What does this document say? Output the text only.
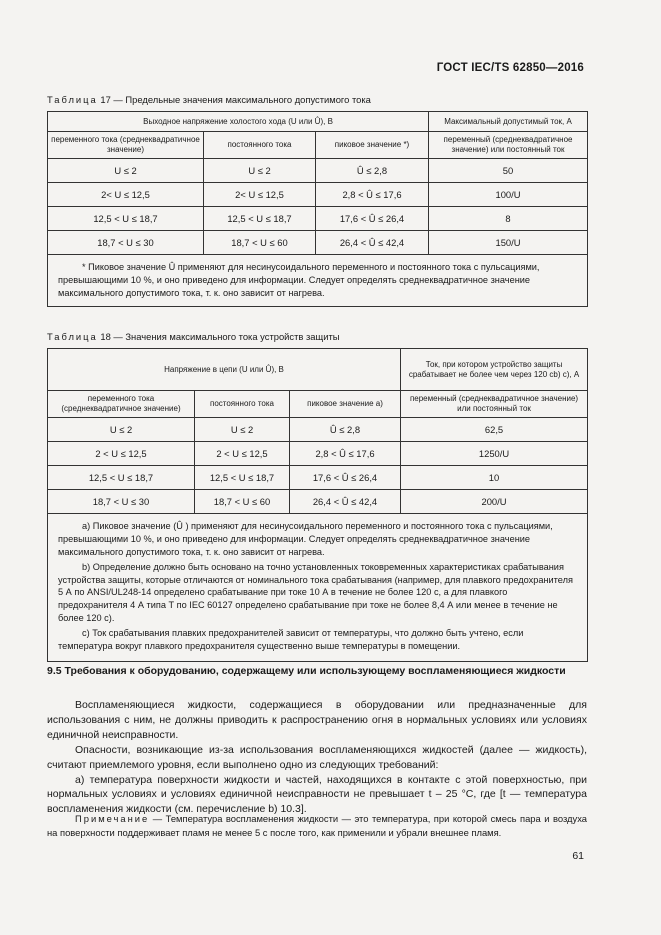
ГОСТ IEC/TS 62850—2016
Таблица 17 — Предельные значения максимального допустимого тока
Выходное напряжение холостого хода (U или Û), В			Максимальный допустимый ток, А
переменного тока (среднеквадратичное значение)	постоянного тока	пиковое значение *)	переменный (среднеквадратичное значение) или постоянный ток
U ≤ 2	U ≤ 2	Û ≤ 2,8	50
2< U ≤ 12,5	2< U ≤ 12,5	2,8 < Û ≤ 17,6	100/U
12,5 < U ≤ 18,7	12,5 < U ≤ 18,7	17,6 < Û ≤ 26,4	8
18,7 < U ≤ 30	18,7 < U ≤ 60	26,4 < Û ≤ 42,4	150/U

* Пиковое значение Û применяют для несинусоидального переменного и постоянного тока с пульсациями, превышающими 10 %, и оно приведено для информации. Следует определять среднеквадратичное значение максимального допустимого тока, т. к. оно зависит от нагрева.			
Таблица 18 — Значения максимального тока устройств защиты
Напряжение в цепи (U или Û), В			Ток, при котором устройство защиты срабатывает не более чем через 120 cb) c), А
переменного тока (среднеквадратичное значение)	постоянного тока	пиковое значение a)	переменный (среднеквадратичное значение) или постоянный ток
U ≤ 2	U ≤ 2	Û ≤ 2,8	62,5
2 < U ≤ 12,5	2 < U ≤ 12,5	2,8 < Û ≤ 17,6	1250/U
12,5 < U ≤ 18,7	12,5 < U ≤ 18,7	17,6 < Û ≤ 26,4	10
18,7 < U ≤ 30	18,7 < U ≤ 60	26,4 < Û ≤ 42,4	200/U

a) Пиковое значение (Û ) применяют для несинусоидального переменного и постоянного тока с пульсациями, превышающими 10 %, и оно приведено для информации. Следует определять среднеквадратичное значение максимального допустимого тока, т. к. оно зависит от нагрева.

b) Определение должно быть основано на точно установленных токовременных характеристиках срабатывания устройства защиты, которые отличаются от номинального тока срабатывания (например, для плавкого предохранителя 5 А по ANSI/UL248-14 определено срабатывание при токе 10 А в течение не более 120 с, а для плавкого предохранителя 4 А типа Т по IEC 60127 определено срабатывание при токе не более 8,4 А или менее в течение не более 120 с).

c) Ток срабатывания плавких предохранителей зависит от температуры, что должно быть учтено, если температура вокруг плавкого предохранителя существенно выше температуры в помещении.			

9.5 Требования к оборудованию, содержащему или использующему воспламеняющиеся жидкости

Воспламеняющиеся жидкости, содержащиеся в оборудовании или предназначенные для использования с ним, не должны приводить к распространению огня в нормальных условиях или условиях единичной неисправности.

Опасности, возникающие из-за использования воспламеняющихся жидкостей (далее — жидкость), считают приемлемого уровня, если выполнено одно из следующих требований:

а) температура поверхности жидкости и частей, находящихся в контакте с этой поверхностью, при нормальных условиях и условиях единичной неисправности не превышает t – 25 °С, где [t — температура воспламенения жидкости (см. перечисление b) 10.3].

Примечание — Температура воспламенения жидкости — это температура, при которой смесь пара и воздуха на поверхности поддерживает пламя не менее 5 с после того, как применили и убрали внешнее пламя.
61
